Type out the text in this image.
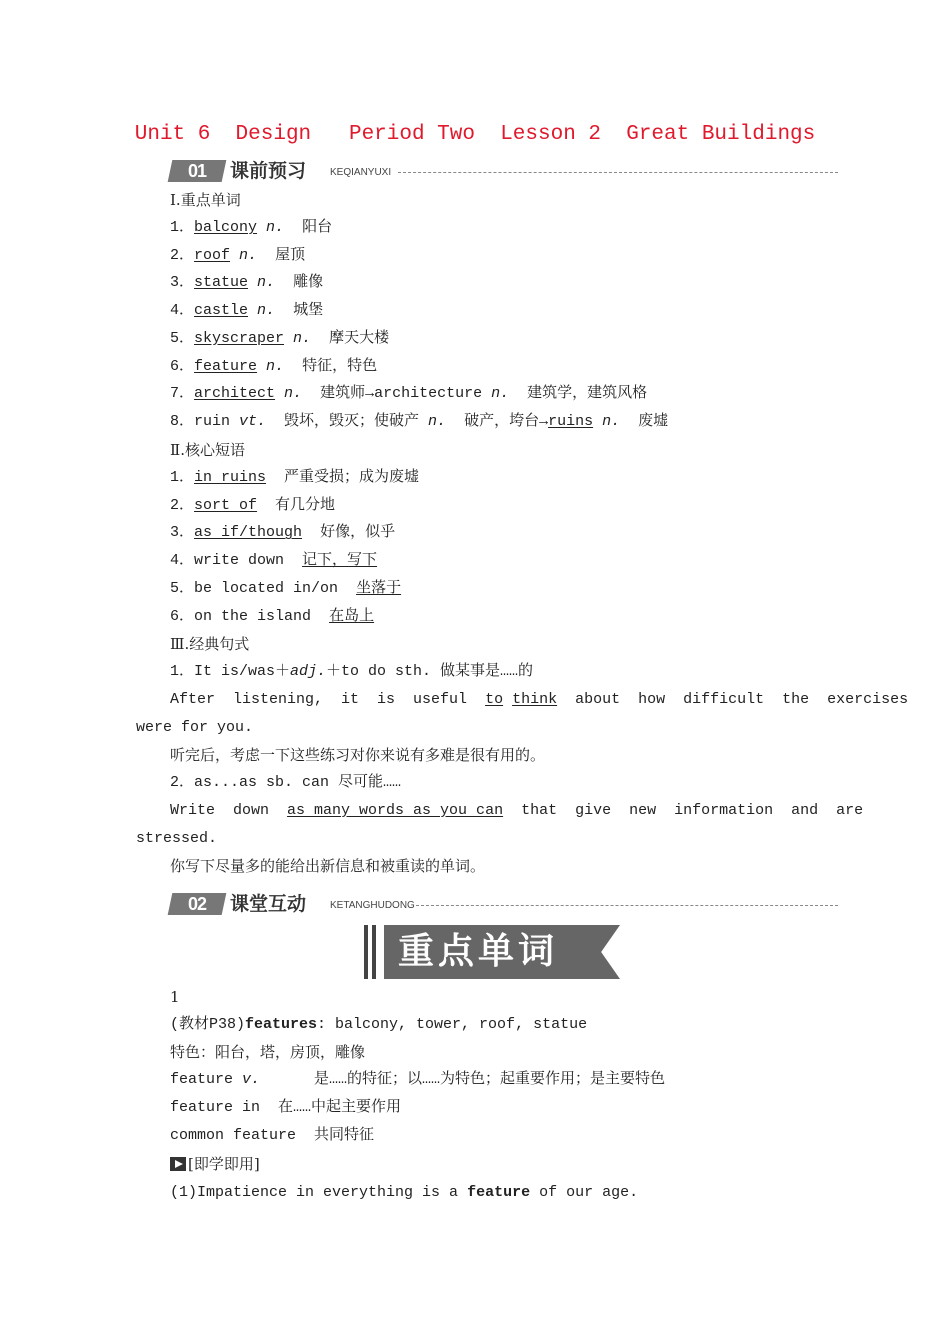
Unit 6  Design   Period Two  Lesson 2  Great Buildings
01	课前预习 KEQIANYUXI
Ⅰ.重点单词
1．balcony n. 阳台
2．roof n. 屋顶
3．statue n. 雕像
4．castle n. 城堡
5．skyscraper n. 摩天大楼
6．feature n. 特征，特色
7．architect n. 建筑师→architecture n. 建筑学，建筑风格
8．ruin vt.  毁坏，毁灭；使破产 n.  破产，垮台→ruins n.  废墟
Ⅱ.核心短语
1．in ruins 严重受损；成为废墟
2．sort of 有几分地
3．as if/though 好像，似乎
4．write down 记下，写下
5．be located in/on 坐落于
6．on the island 在岛上
Ⅲ.经典句式
1．It is/was＋adj.＋to do sth. 做某事是……的
After  listening,  it  is  useful  to think  about  how  difficult  the  exercises
were for you.
听完后，考虑一下这些练习对你来说有多难是很有用的。
2．as...as sb. can 尽可能……
Write  down  as many words as you can  that  give  new  information  and  are
stressed.
你写下尽量多的能给出新信息和被重读的单词。
02	课堂互动 KETANGHUDONG
重点单词
1
(教材P38)features: balcony, tower, roof, statue
特色：阳台，塔，房顶，雕像
feature v.      是……的特征；以……为特色；起重要作用；是主要特色
feature in  在……中起主要作用
common feature  共同特征
[即学即用]
(1)Impatience in everything is a feature of our age.
